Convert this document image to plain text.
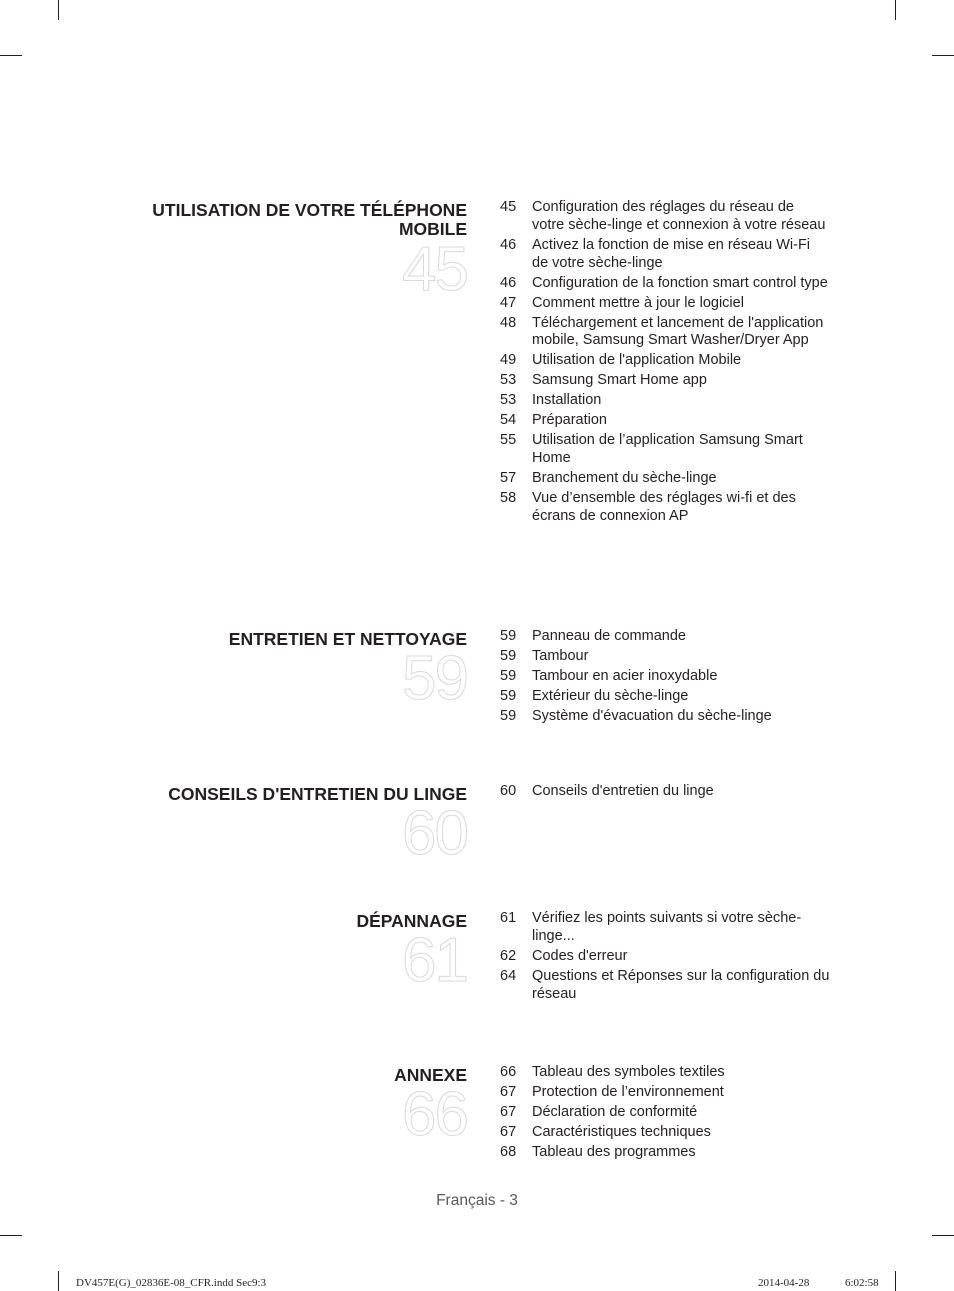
UTILISATION DE VOTRE TÉLÉPHONE MOBILE
45
45	Configuration des réglages du réseau de votre sèche-linge et connexion à votre réseau
46	Activez la fonction de mise en réseau Wi-Fi de votre sèche-linge
46	Configuration de la fonction smart control type
47	Comment mettre à jour le logiciel
48	Téléchargement et lancement de l'application mobile, Samsung Smart Washer/Dryer App
49	Utilisation de l'application Mobile
53	Samsung Smart Home app
53	Installation
54	Préparation
55	Utilisation de l’application Samsung Smart Home
57	Branchement du sèche-linge
58	Vue d’ensemble des réglages wi-fi et des écrans de connexion AP
ENTRETIEN ET NETTOYAGE
59
59	Panneau de commande
59	Tambour
59	Tambour en acier inoxydable
59	Extérieur du sèche-linge
59	Système d'évacuation du sèche-linge
CONSEILS D'ENTRETIEN DU LINGE
60
60	Conseils d'entretien du linge
DÉPANNAGE
61
61	Vérifiez les points suivants si votre sèche-linge...
62	Codes d'erreur
64	Questions et Réponses sur la configuration du réseau
ANNEXE
66
66	Tableau des symboles textiles
67	Protection de l’environnement
67	Déclaration de conformité
67	Caractéristiques techniques
68	Tableau des programmes
Français - 3
DV457E(G)_02836E-08_CFR.indd Sec9:3	2014-04-28	6:02:58
